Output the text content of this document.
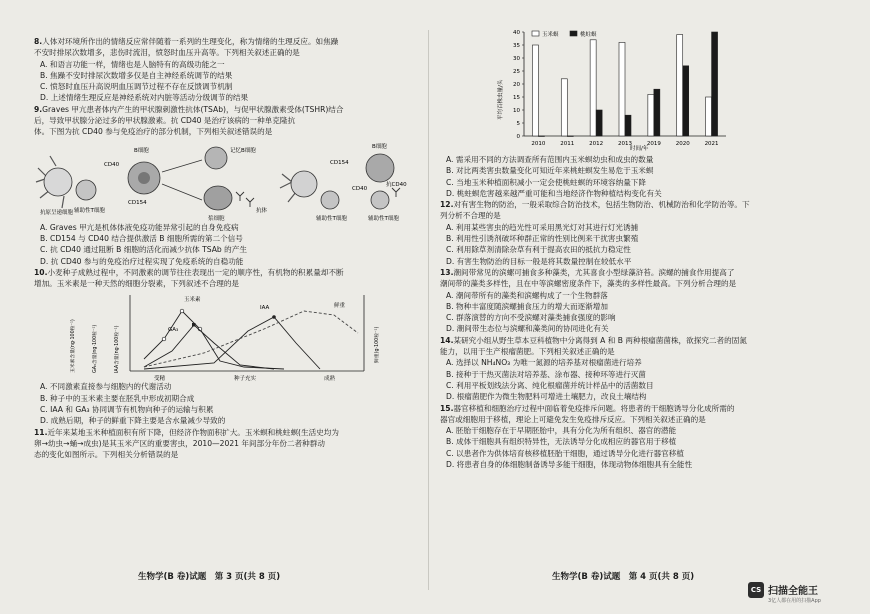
8.人体对环境所作出的情绪反应常伴随着一系列的生理变化，称为情绪的生理反应。如焦躁
不安时排尿次数增多，悲伤时流泪，愤怒时血压升高等。下列相关叙述正确的是
A. 和语言功能一样，情绪也是人脑特有的高级功能之一
B. 焦躁不安时排尿次数增多仅是自主神经系统调节的结果
C. 愤怒时血压升高说明血压调节过程不存在反馈调节机制
D. 上述情绪生理反应是神经系统对内脏等活动分级调节的结果
9.Graves 甲亢患者体内产生的甲状腺刺激性抗体(TSAb)，与促甲状腺激素受体(TSHR)结合
后，导致甲状腺分泌过多的甲状腺激素。抗 CD40 是治疗该病的一种单克隆抗
体。下图为抗 CD40 参与免疫治疗的部分机制，下列相关叙述错误的是
抗原呈递细胞 辅助性T细胞
B细胞
CD40
CD154
记忆B细胞
浆细胞
抗体
辅助性T细胞
B细胞
CD154
CD40
辅助性T细胞
抗CD40
A. Graves 甲亢是机体体液免疫功能异常引起的自身免疫病
B. CD154 与 CD40 结合提供激活 B 细胞所需的第二个信号
C. 抗 CD40 通过阻断 B 细胞的活化而减少抗体 TSAb 的产生
D. 抗 CD40 参与的免疫治疗过程实现了免疫系统的自稳功能
10.小麦种子成熟过程中，不同激素的调节往往表现出一定的顺序性，有机物的积累量却不断
增加。玉米素是一种天然的细胞分裂素，下列叙述不合理的是
玉米素含量(ng·100粒⁻¹)	GA₃含量(ng·100粒⁻¹)	IAA含量(ng·100粒⁻¹)	鲜重(g·100粒⁻¹)
玉米素
GA₃
IAA	鲜重
受精	种子充实	成熟
A. 不同激素直接参与细胞内的代谢活动
B. 种子中的玉米素主要在胚乳中形成初期合成
C. IAA 和 GA₃ 协同调节有机物向种子的运输与积累
D. 成熟后期，种子的鲜重下降主要是含水量减少导致的
11.近年来某地玉米种植面积有所下降，但经济作物面积扩大。玉米螟和桃蛀螟(生活史均为
卵→幼虫→蛹→成虫)是其玉米产区的重要害虫，2010—2021 年间部分年份二者种群动
态的变化如图所示。下列相关分析错误的是
生物学(B 卷)试题　第 3 页(共 8 页)
平均百株虫量/头
时间/年
0
5
10
15
20
25
30
35
40
2010	2011	2012	2013	2019	2020	2021
玉米螟	桃蛀螟
A. 需采用不同的方法调查所有范围内玉米螟幼虫和成虫的数量
B. 对比两类害虫数量变化可知近年来桃蛀螟发生易危于玉米螟
C. 当地玉米种植面积减小一定会使桃蛀螟的环境容纳量下降
D. 桃蛀螟危害越来越严重可能和当地经济作物种植结构变化有关
12.对有害生物的防治，一般采取综合防治技术，包括生物防治、机械防治和化学防治等。下
列分析不合理的是
A. 利用某些害虫的趋光性可采用黑光灯对其进行灯光诱捕
B. 利用性引诱剂破坏种群正常的性别比例来干扰害虫繁殖
C. 利用除草剂清除杂草有利于提高农田的抵抗力稳定性
D. 有害生物防治的目标一般是将其数量控制在较低水平
13.潮间带常见的滨螺可捕食多种藻类，尤其喜食小型绿藻浒苔。滨螺的捕食作用提高了
潮间带的藻类多样性，且在中等滨螺密度条件下，藻类的多样性最高。下列分析合理的是
A. 潮间带所有的藻类和滨螺构成了一个生物群落
B. 物种丰富度随滨螺捕食压力的增大而逐渐增加
C. 群落演替的方向不受滨螺对藻类捕食强度的影响
D. 潮间带生态位与滨螺和藻类间的协同进化有关
14.某研究小组从野生草本豆科植物中分离得到 A 和 B 两种根瘤菌菌株，欲探究二者的固氮
能力，以用于生产根瘤菌肥。下列相关叙述正确的是
A. 选择以 NH₄NO₃ 为唯一氮源的培养基对根瘤菌进行培养
B. 接种于干热灭菌法对培养基、涂布器、接种环等进行灭菌
C. 利用平板划线法分离、纯化根瘤菌并统计样品中的活菌数目
D. 根瘤菌肥作为微生物肥料可增进土壤肥力，改良土壤结构
15.器官移植和细胞治疗过程中面临着免疫排斥问题。将患者的干细胞诱导分化成所需的
器官或细胞用于移植，理论上可避免发生免疫排斥反应。下列相关叙述正确的是
A. 胚胎干细胞存在于早期胚胎中，具有分化为所有组织、器官的潜能
B. 成体干细胞具有组织特异性，无法诱导分化成相应的器官用于移植
C. 以患者作为供体培育核移植胚胎干细胞，通过诱导分化进行器官移植
D. 将患者自身的体细胞制备诱导多能干细胞，体现动物体细胞具有全能性
生物学(B 卷)试题　第 4 页(共 8 页)
CS 扫描全能王
3亿人都在用的扫描App
